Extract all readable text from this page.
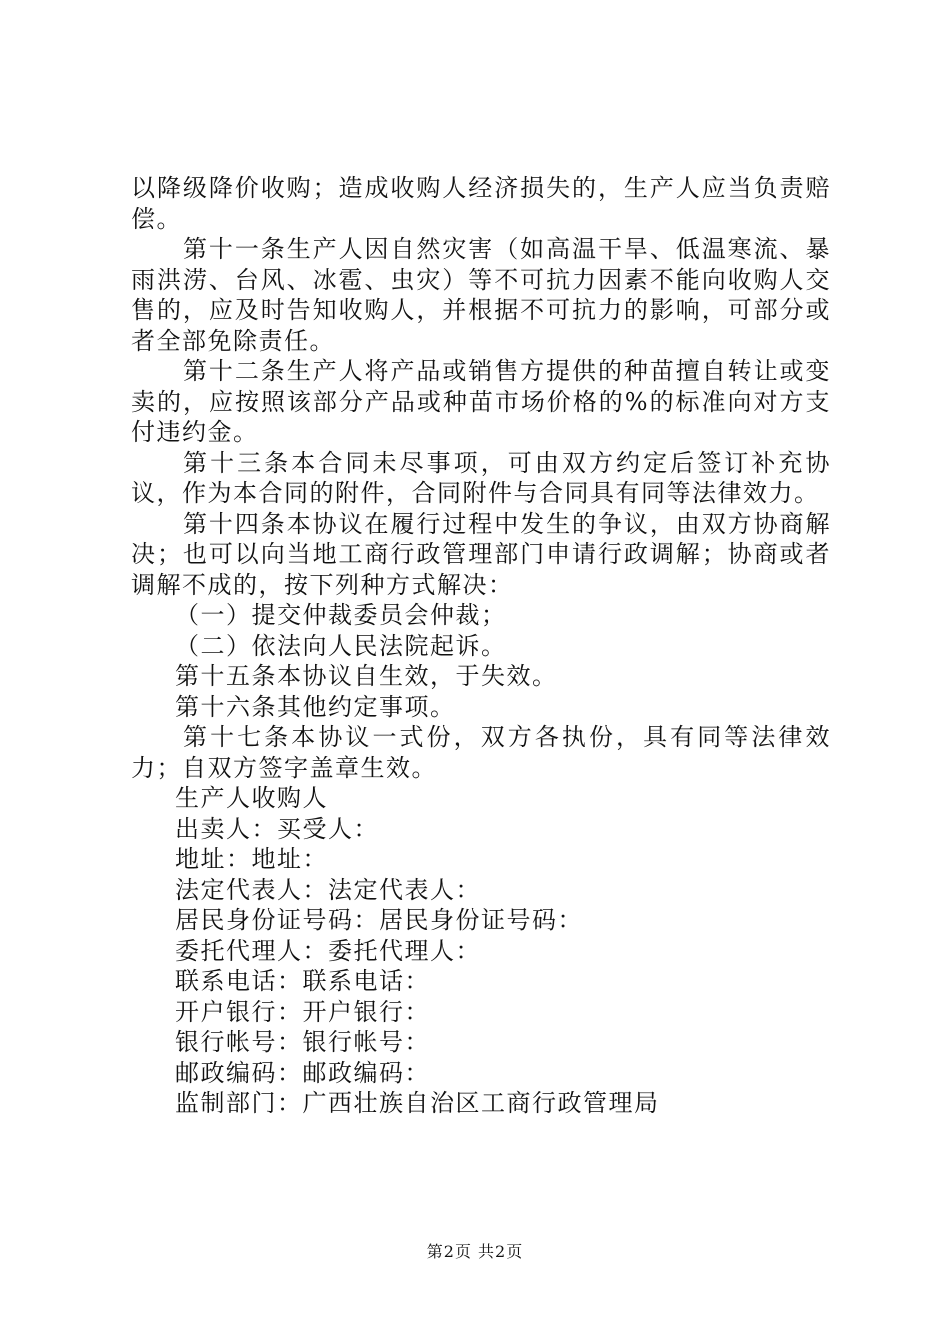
以降级降价收购；造成收购人经济损失的，生产人应当负责赔偿。

第十一条生产人因自然灾害（如高温干旱、低温寒流、暴雨洪涝、台风、冰雹、虫灾）等不可抗力因素不能向收购人交售的，应及时告知收购人，并根据不可抗力的影响，可部分或者全部免除责任。

第十二条生产人将产品或销售方提供的种苗擅自转让或变卖的，应按照该部分产品或种苗市场价格的%的标准向对方支付违约金。

第十三条本合同未尽事项，可由双方约定后签订补充协议，作为本合同的附件，合同附件与合同具有同等法律效力。

第十四条本协议在履行过程中发生的争议，由双方协商解决；也可以向当地工商行政管理部门申请行政调解；协商或者调解不成的，按下列种方式解决：

（一）提交仲裁委员会仲裁；

（二）依法向人民法院起诉。

第十五条本协议自生效，于失效。

第十六条其他约定事项。

第十七条本协议一式份，双方各执份，具有同等法律效力；自双方签字盖章生效。

生产人收购人

出卖人：买受人：

地址：地址：

法定代表人：法定代表人：

居民身份证号码：居民身份证号码：

委托代理人：委托代理人：

联系电话：联系电话：

开户银行：开户银行：

银行帐号：银行帐号：

邮政编码：邮政编码：

监制部门：广西壮族自治区工商行政管理局

第2页 共2页
